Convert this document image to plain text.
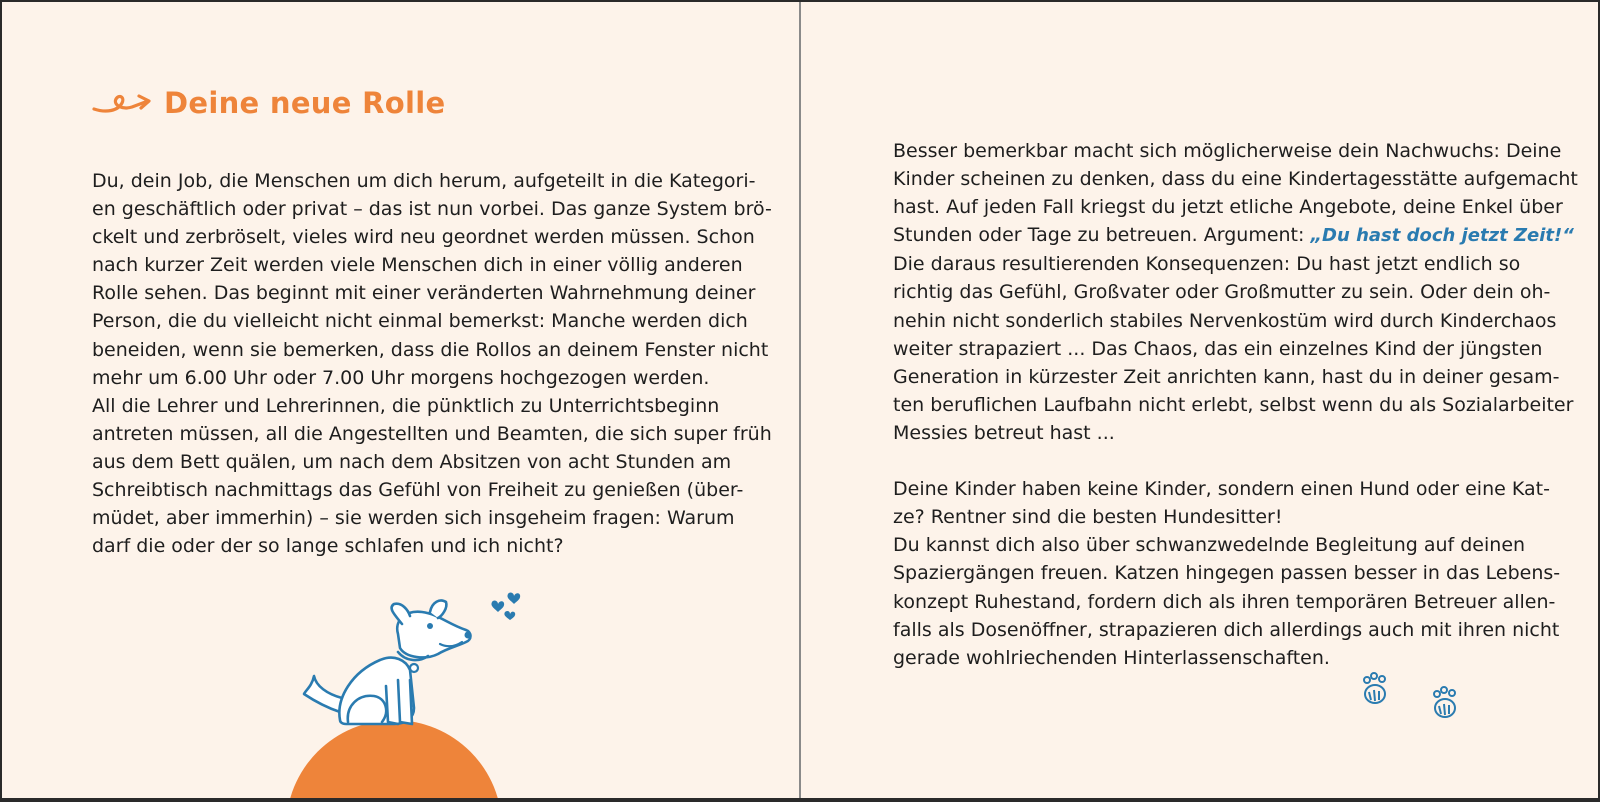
Deine neue Rolle
Du, dein Job, die Menschen um dich herum, aufgeteilt in die Kategori-
en geschäftlich oder privat – das ist nun vorbei. Das ganze System brö-
ckelt und zerbröselt, vieles wird neu geordnet werden müssen. Schon
nach kurzer Zeit werden viele Menschen dich in einer völlig anderen
Rolle sehen. Das beginnt mit einer veränderten Wahrnehmung deiner
Person, die du vielleicht nicht einmal bemerkst: Manche werden dich
beneiden, wenn sie bemerken, dass die Rollos an deinem Fenster nicht
mehr um 6.00 Uhr oder 7.00 Uhr morgens hochgezogen werden.
All die Lehrer und Lehrerinnen, die pünktlich zu Unterrichtsbeginn
antreten müssen, all die Angestellten und Beamten, die sich super früh
aus dem Bett quälen, um nach dem Absitzen von acht Stunden am
Schreibtisch nachmittags das Gefühl von Freiheit zu genießen (über-
müdet, aber immerhin) – sie werden sich insgeheim fragen: Warum
darf die oder der so lange schlafen und ich nicht?
Besser bemerkbar macht sich möglicherweise dein Nachwuchs: Deine
Kinder scheinen zu denken, dass du eine Kindertagesstätte aufgemacht
hast. Auf jeden Fall kriegst du jetzt etliche Angebote, deine Enkel über
Stunden oder Tage zu betreuen. Argument: „Du hast doch jetzt Zeit!“
Die daraus resultierenden Konsequenzen: Du hast jetzt endlich so
richtig das Gefühl, Großvater oder Großmutter zu sein. Oder dein oh-
nehin nicht sonderlich stabiles Nervenkostüm wird durch Kinderchaos
weiter strapaziert ... Das Chaos, das ein einzelnes Kind der jüngsten
Generation in kürzester Zeit anrichten kann, hast du in deiner gesam-
ten beruflichen Laufbahn nicht erlebt, selbst wenn du als Sozialarbeiter
Messies betreut hast ...
Deine Kinder haben keine Kinder, sondern einen Hund oder eine Kat-
ze? Rentner sind die besten Hundesitter!
Du kannst dich also über schwanzwedelnde Begleitung auf deinen
Spaziergängen freuen. Katzen hingegen passen besser in das Lebens-
konzept Ruhestand, fordern dich als ihren temporären Betreuer allen-
falls als Dosenöffner, strapazieren dich allerdings auch mit ihren nicht
gerade wohlriechenden Hinterlassenschaften.
